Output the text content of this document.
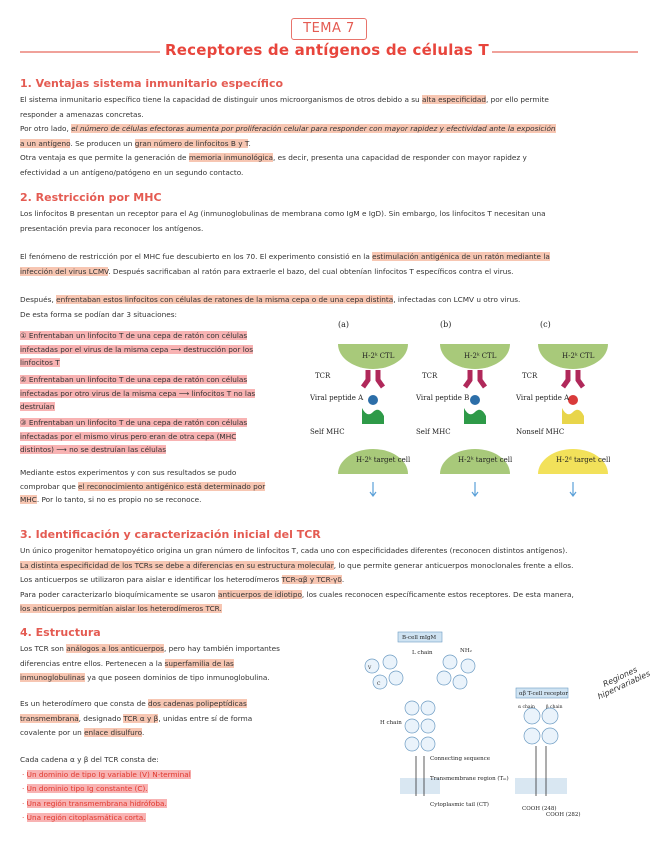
TEMA 7
Receptores de antígenos de células T
1. Ventajas sistema inmunitario específico
El sistema inmunitario específico tiene la capacidad de distinguir unos microorganismos de otros debido a su alta especificidad, por ello permite
responder a amenazas concretas.
Por otro lado, el número de células efectoras aumenta por proliferación celular para responder con mayor rapidez y efectividad ante la exposición
a un antígeno. Se producen un gran número de linfocitos B y T.
Otra ventaja es que permite la generación de memoria inmunológica, es decir, presenta una capacidad de responder con mayor rapidez y
efectividad a un antígeno/patógeno en un segundo contacto.
2. Restricción por MHC
Los linfocitos B presentan un receptor para el Ag (inmunoglobulinas de membrana como IgM e IgD). Sin embargo, los linfocitos T necesitan una
presentación previa para reconocer los antígenos.
El fenómeno de restricción por el MHC fue descubierto en los 70. El experimento consistió en la estimulación antigénica de un ratón mediante la
infección del virus LCMV. Después sacrificaban al ratón para extraerle el bazo, del cual obtenían linfocitos T específicos contra el virus.
Después, enfrentaban estos linfocitos con células de ratones de la misma cepa o de una cepa distinta, infectadas con LCMV u otro virus.
De esta forma se podían dar 3 situaciones:
① Enfrentaban un linfocito T de una cepa de ratón con células
infectadas por el virus de la misma cepa ⟶ destrucción por los
linfocitos T
② Enfrentaban un linfocito T de una cepa de ratón con células
infectadas por otro virus de la misma cepa ⟶ linfocitos T no las
destruían
③ Enfrentaban un linfocito T de una cepa de ratón con células
infectadas por el mismo virus pero eran de otra cepa (MHC
distintos) ⟶ no se destruían las células
Mediante estos experimentos y con sus resultados se pudo
comprobar que el reconocimiento antigénico está determinado por
MHC. Por lo tanto, si no es propio no se reconoce.
(a)
H-2ᵏ CTL
TCR
Viral peptide A
Self MHC
H-2ᵏ target cell
(b)
H-2ᵏ CTL
TCR
Viral peptide B
Self MHC
H-2ᵏ target cell
(c)
H-2ᵏ CTL
TCR
Viral peptide A
Nonself MHC
H-2ᵈ target cell
3. Identificación y caracterización inicial del TCR
Un único progenitor hematopoyético origina un gran número de linfocitos T, cada uno con especificidades diferentes (reconocen distintos antígenos).
La distinta especificidad de los TCRs se debe a diferencias en su estructura molecular, lo que permite generar anticuerpos monoclonales frente a ellos.
Los anticuerpos se utilizaron para aislar e identificar los heterodímeros TCR-αβ y TCR-γδ.
Para poder caracterizarlo bioquímicamente se usaron anticuerpos de idiotipo, los cuales reconocen específicamente estos receptores. De esta manera,
los anticuerpos permitían aislar los heterodímeros TCR.
4. Estructura
Los TCR son análogos a los anticuerpos, pero hay también importantes
diferencias entre ellos. Pertenecen a la superfamilia de las
inmunoglobulinas ya que poseen dominios de tipo inmunoglobulina.
Es un heterodímero que consta de dos cadenas polipeptídicas
transmembrana, designado TCR α y β, unidas entre sí de forma
covalente por un enlace disulfuro.
Cada cadena α y β del TCR consta de:
· Un dominio de tipo Ig variable (V) N-terminal
· Un dominio tipo Ig constante (C).
· Una región transmembrana hidrófoba.
· Una región citoplasmática corta.
B-cell mIgM
L chain	NH₂
H chain
V
C
Connecting sequence
Transmembrane region (Tₘ)
Cytoplasmic tail (CT)
αβ T-cell receptor
α chain β chain
COOH (248)
COOH (282)
Regiones hipervariables
